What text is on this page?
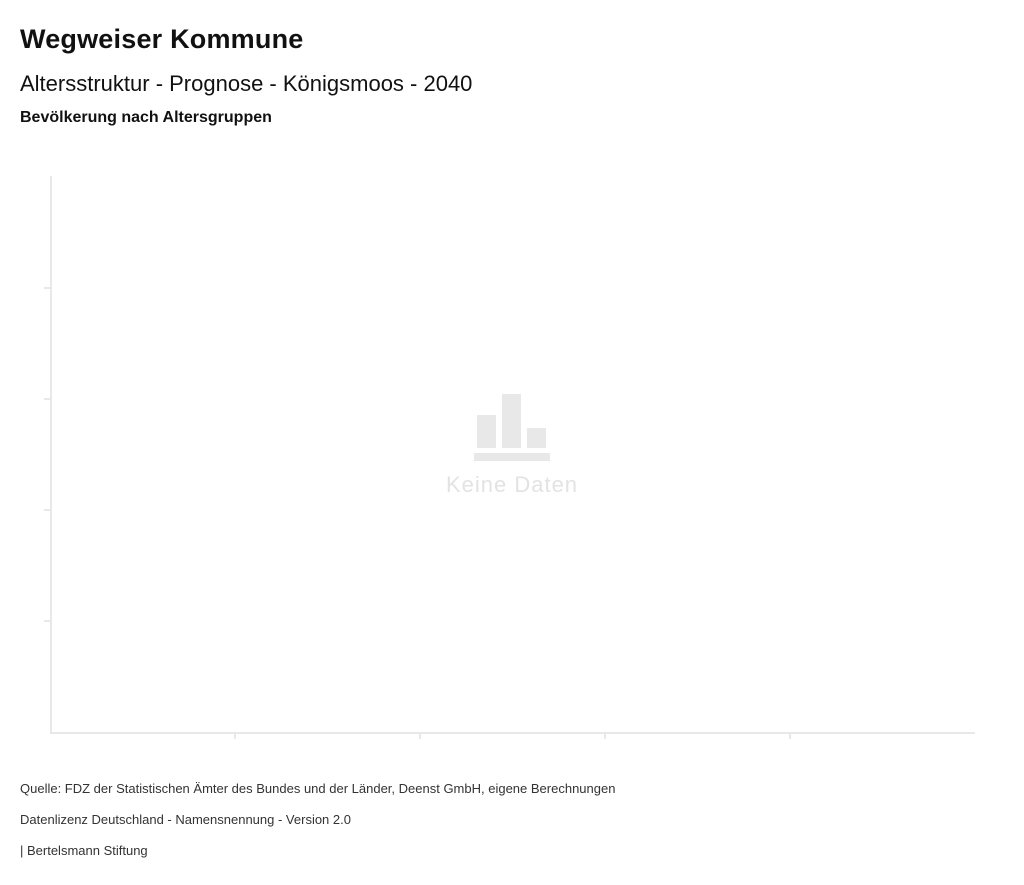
Wegweiser Kommune
Altersstruktur - Prognose - Königsmoos - 2040
Bevölkerung nach Altersgruppen
Keine Daten

Quelle: FDZ der Statistischen Ämter des Bundes und der Länder, Deenst GmbH, eigene Berechnungen

Datenlizenz Deutschland - Namensnennung - Version 2.0

| Bertelsmann Stiftung
